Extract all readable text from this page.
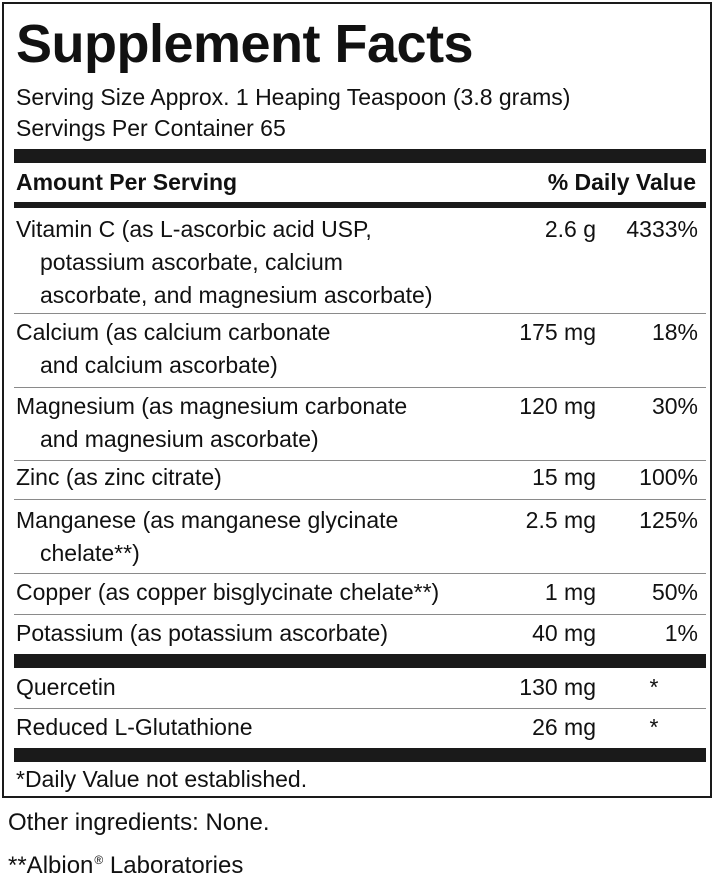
Supplement Facts
Serving Size Approx. 1 Heaping Teaspoon (3.8 grams)
Servings Per Container 65
Amount Per Serving	% Daily Value
Vitamin C (as L-ascorbic acid USP,
potassium ascorbate, calcium
ascorbate, and magnesium ascorbate)
2.6 g	4333%
Calcium (as calcium carbonate
and calcium ascorbate)
175 mg	18%
Magnesium (as magnesium carbonate
and magnesium ascorbate)
120 mg	30%
Zinc (as zinc citrate)	15 mg	100%
Manganese (as manganese glycinate
chelate**)
2.5 mg	125%
Copper (as copper bisglycinate chelate**)	1 mg	50%
Potassium (as potassium ascorbate)	40 mg	1%
Quercetin	130 mg	*
Reduced L-Glutathione	26 mg	*
*Daily Value not established.
Other ingredients: None.
**Albion® Laboratories
